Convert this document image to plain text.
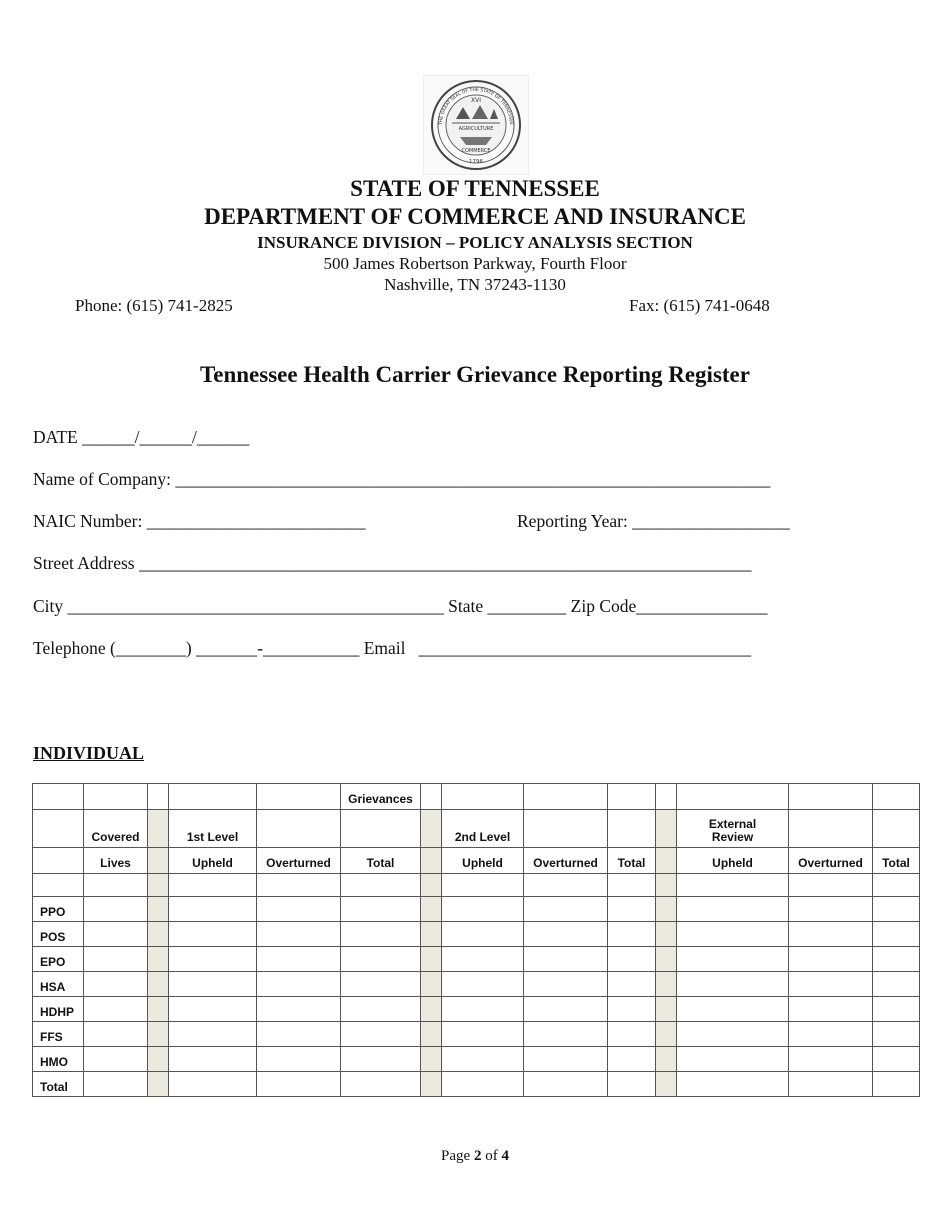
XVI
AGRICULTURE
COMMERCE
1796
THE GREAT SEAL OF THE STATE OF TENNESSEE
STATE OF TENNESSEE
DEPARTMENT OF COMMERCE AND INSURANCE
INSURANCE DIVISION – POLICY ANALYSIS SECTION
500 James Robertson Parkway, Fourth Floor
Nashville, TN 37243-1130
Phone: (615) 741-2825	Fax: (615) 741-0648
Tennessee Health Carrier Grievance Reporting Register
DATE ______/______/______
Name of Company: ____________________________________________________________________
NAIC Number: _________________________	Reporting Year: __________________
Street Address ______________________________________________________________________
City ___________________________________________ State _________ Zip Code_______________
Telephone (________) _______-___________ Email   ______________________________________
INDIVIDUAL
					Grievances								
	Covered		1st Level				2nd Level				External
Review		
	Lives		Upheld	Overturned	Total		Upheld	Overturned	Total		Upheld	Overturned	Total

PPO													
POS													
EPO													
HSA													
HDHP													
FFS													
HMO													
Total													
Page 2 of 4
